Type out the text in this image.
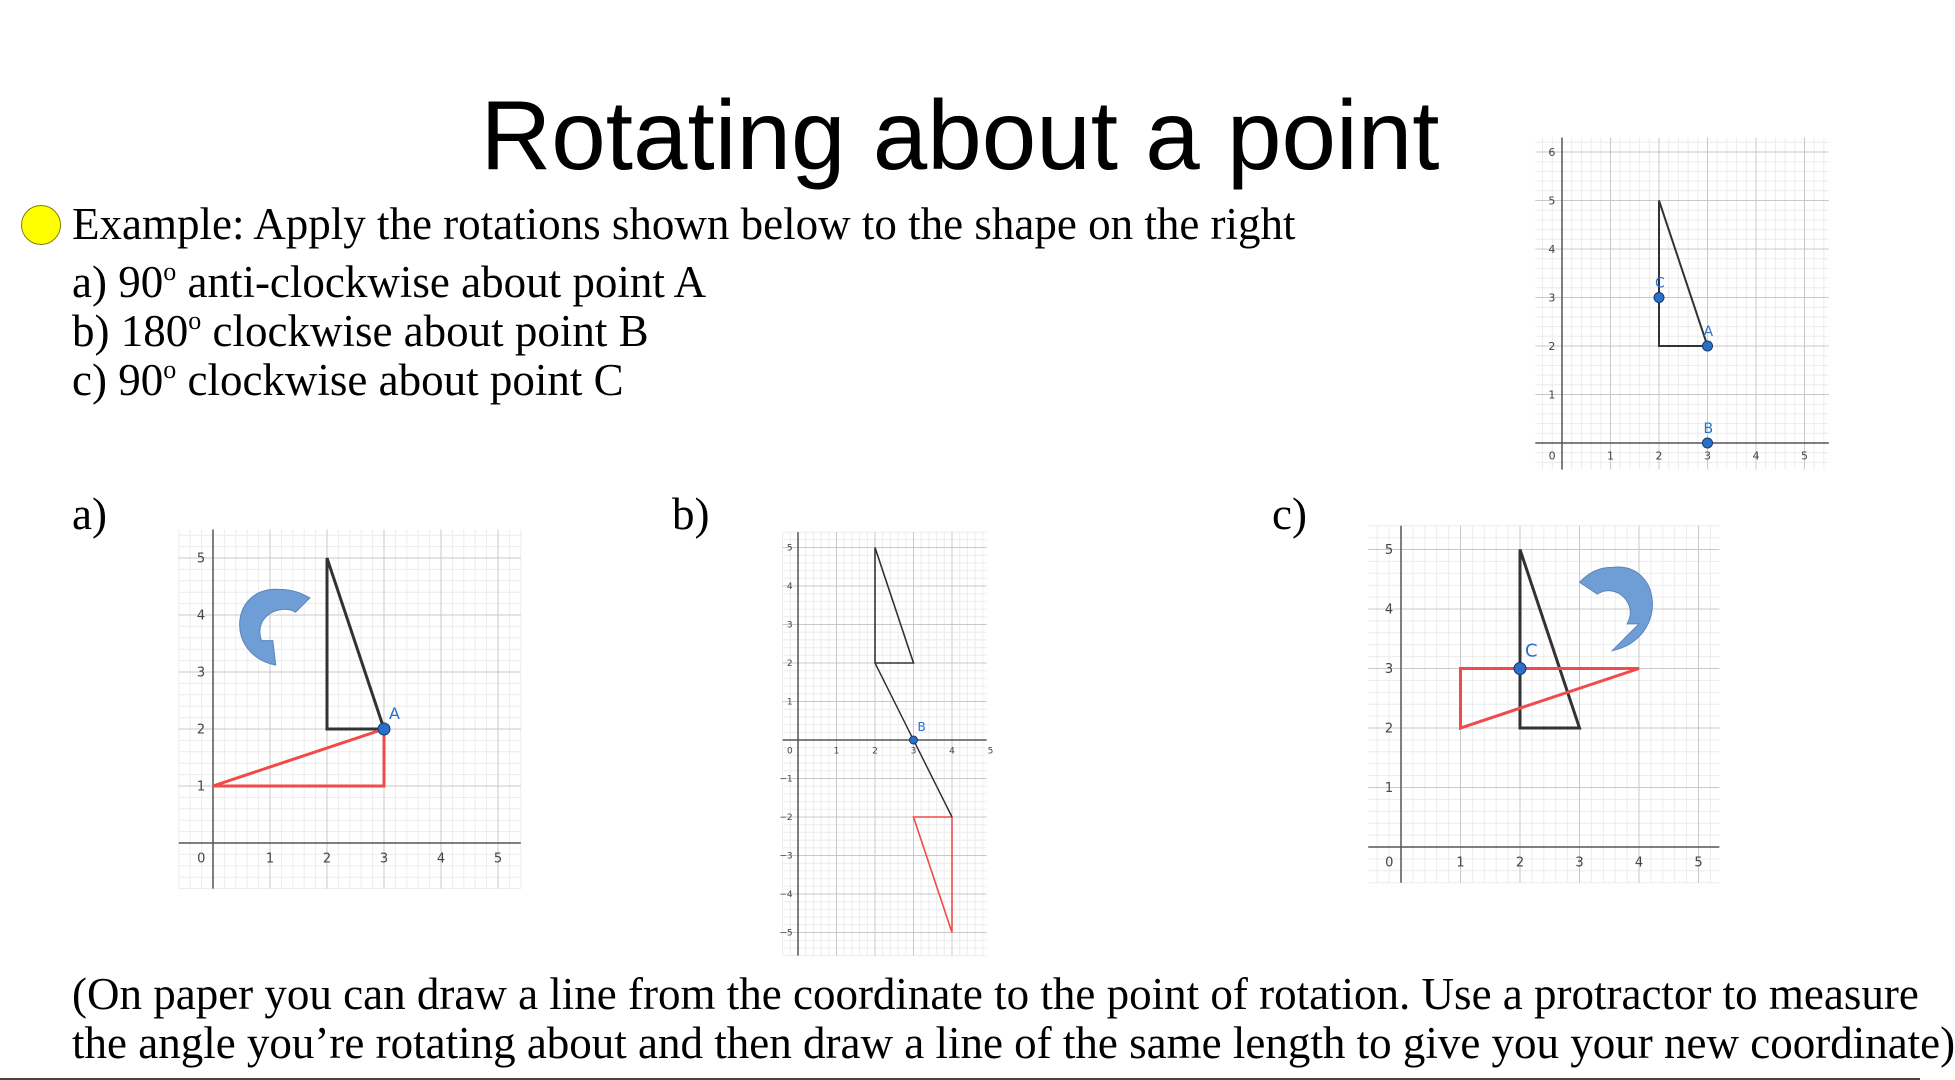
Rotating about a point
Example: Apply the rotations shown below to the shape on the right
a) 90$^o$ anti-clockwise about point A
b) 180$^o$ clockwise about point B
c) 90$^o$ clockwise about point C
a)	b)	c)
0	1	2	3	4	5
1
2
3
4
5
6
C
A
B
0	1	2	3	4	5
1
2
3
4
5
A
0	1	2	3	4	5
5
4
3
2
1
−1
−2
−3
−4
−5
B
0	1	2	3	4	5
1
2
3
4
5
C
(On paper you can draw a line from the coordinate to the point of rotation. Use a protractor to measure
the angle you’re rotating about and then draw a line of the same length to give you your new coordinate)
